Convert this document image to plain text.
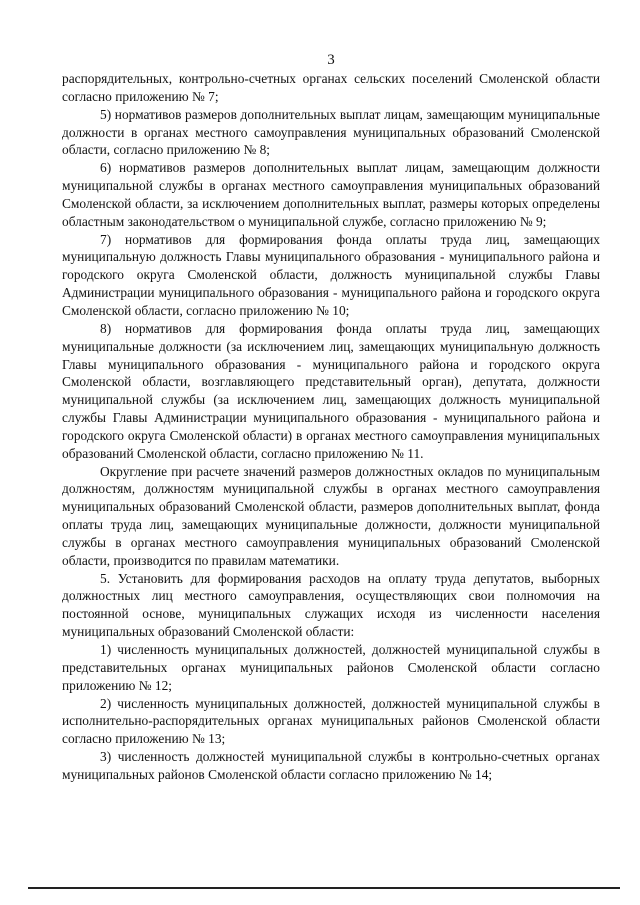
3

распорядительных, контрольно-счетных органах сельских поселений Смоленской области согласно приложению № 7;

5) нормативов размеров дополнительных выплат лицам, замещающим муниципальные должности в органах местного самоуправления муниципальных образований Смоленской области, согласно приложению № 8;

6) нормативов размеров дополнительных выплат лицам, замещающим должности муниципальной службы в органах местного самоуправления муниципальных образований Смоленской области, за исключением дополнительных выплат, размеры которых определены областным законодательством о муниципальной службе, согласно приложению № 9;

7) нормативов для формирования фонда оплаты труда лиц, замещающих муниципальную должность Главы муниципального образования - муниципального района и городского округа Смоленской области, должность муниципальной службы Главы Администрации муниципального образования - муниципального района и городского округа Смоленской области, согласно приложению № 10;

8) нормативов для формирования фонда оплаты труда лиц, замещающих муниципальные должности (за исключением лиц, замещающих муниципальную должность Главы муниципального образования - муниципального района и городского округа Смоленской области, возглавляющего представительный орган), депутата, должности муниципальной службы (за исключением лиц, замещающих должность муниципальной службы Главы Администрации муниципального образования - муниципального района и городского округа Смоленской области) в органах местного самоуправления муниципальных образований Смоленской области, согласно приложению № 11.

Округление при расчете значений размеров должностных окладов по муниципальным должностям, должностям муниципальной службы в органах местного самоуправления муниципальных образований Смоленской области, размеров дополнительных выплат, фонда оплаты труда лиц, замещающих муниципальные должности, должности муниципальной службы в органах местного самоуправления муниципальных образований Смоленской области, производится по правилам математики.

5. Установить для формирования расходов на оплату труда депутатов, выборных должностных лиц местного самоуправления, осуществляющих свои полномочия на постоянной основе, муниципальных служащих исходя из численности населения муниципальных образований Смоленской области:

1) численность муниципальных должностей, должностей муниципальной службы в представительных органах муниципальных районов Смоленской области согласно приложению № 12;

2) численность муниципальных должностей, должностей муниципальной службы в исполнительно-распорядительных органах муниципальных районов Смоленской области согласно приложению № 13;

3) численность должностей муниципальной службы в контрольно-счетных органах муниципальных районов Смоленской области согласно приложению № 14;
